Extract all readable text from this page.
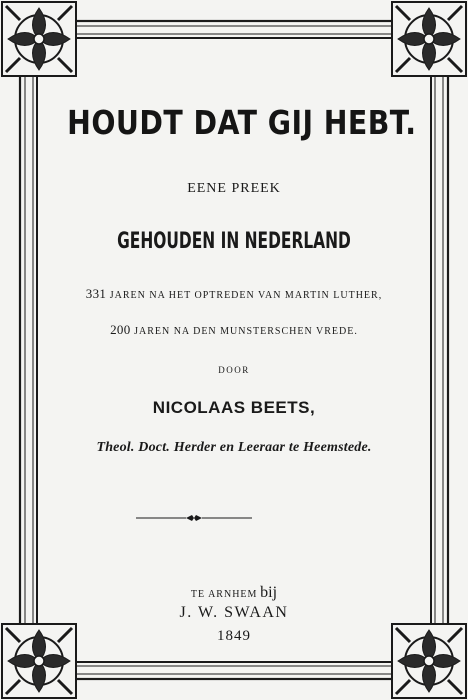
HOUDT DAT GIJ HEBT.

EENE PREEK

GEHOUDEN IN NEDERLAND

331 JAREN NA HET OPTREDEN VAN MARTIN LUTHER,

200 JAREN NA DEN MUNSTERSCHEN VREDE.

DOOR

NICOLAAS BEETS,

Theol. Doct. Herder en Leeraar te Heemstede.

TE ARNHEM bij

J. W. SWAAN

1849
